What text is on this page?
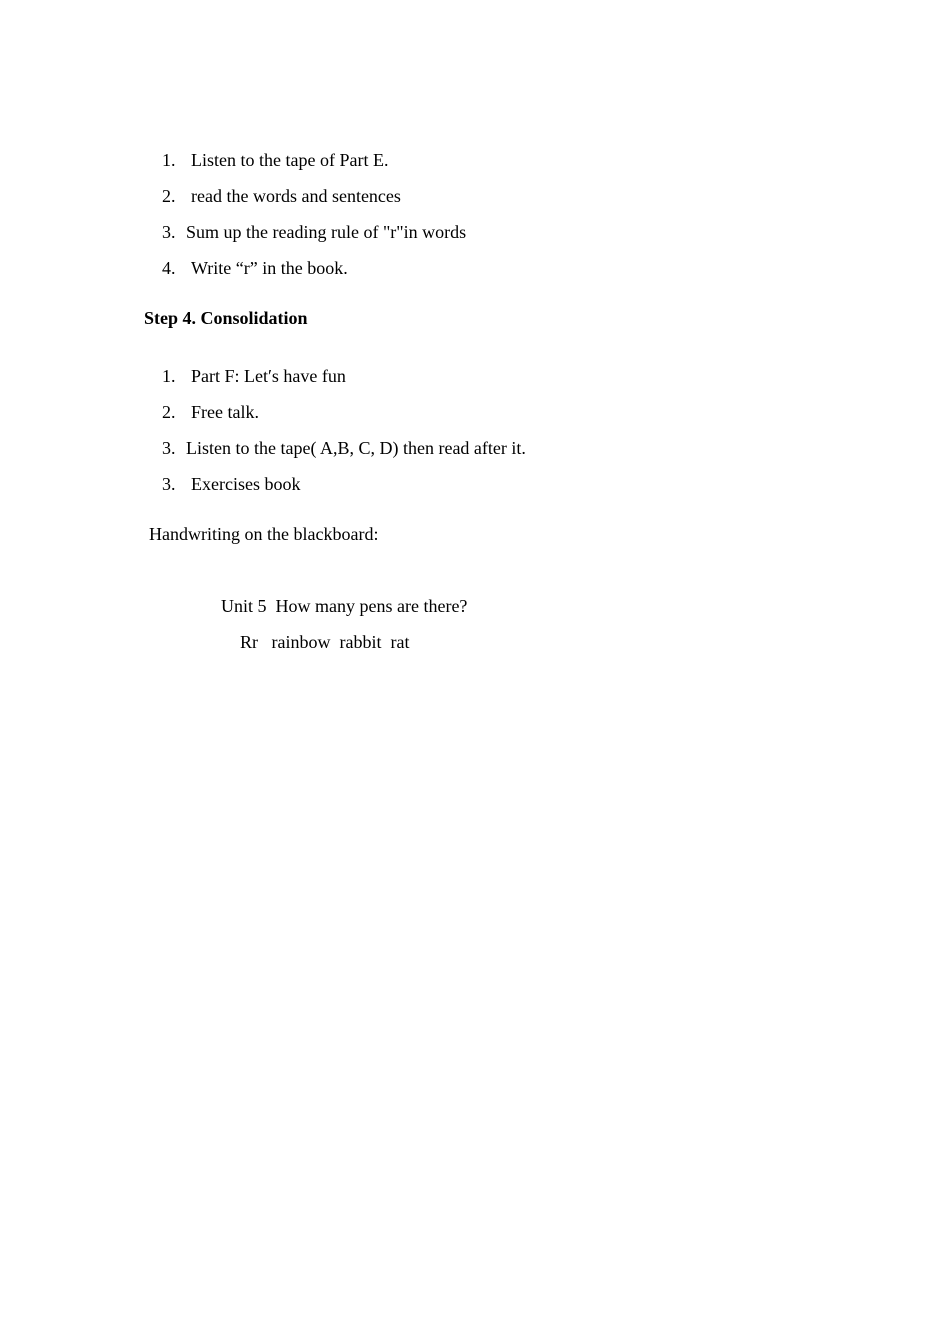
1. Listen to the tape of Part E.

2. read the words and sentences

3. Sum up the reading rule of "r"in words

4. Write “r” in the book.

Step 4. Consolidation

1. Part F: Let′s have fun

2. Free talk.

3. Listen to the tape( A,B, C, D) then read after it.

3. Exercises book

Handwriting on the blackboard:
Unit 5  How many pens are there?
Rr   rainbow  rabbit  rat
